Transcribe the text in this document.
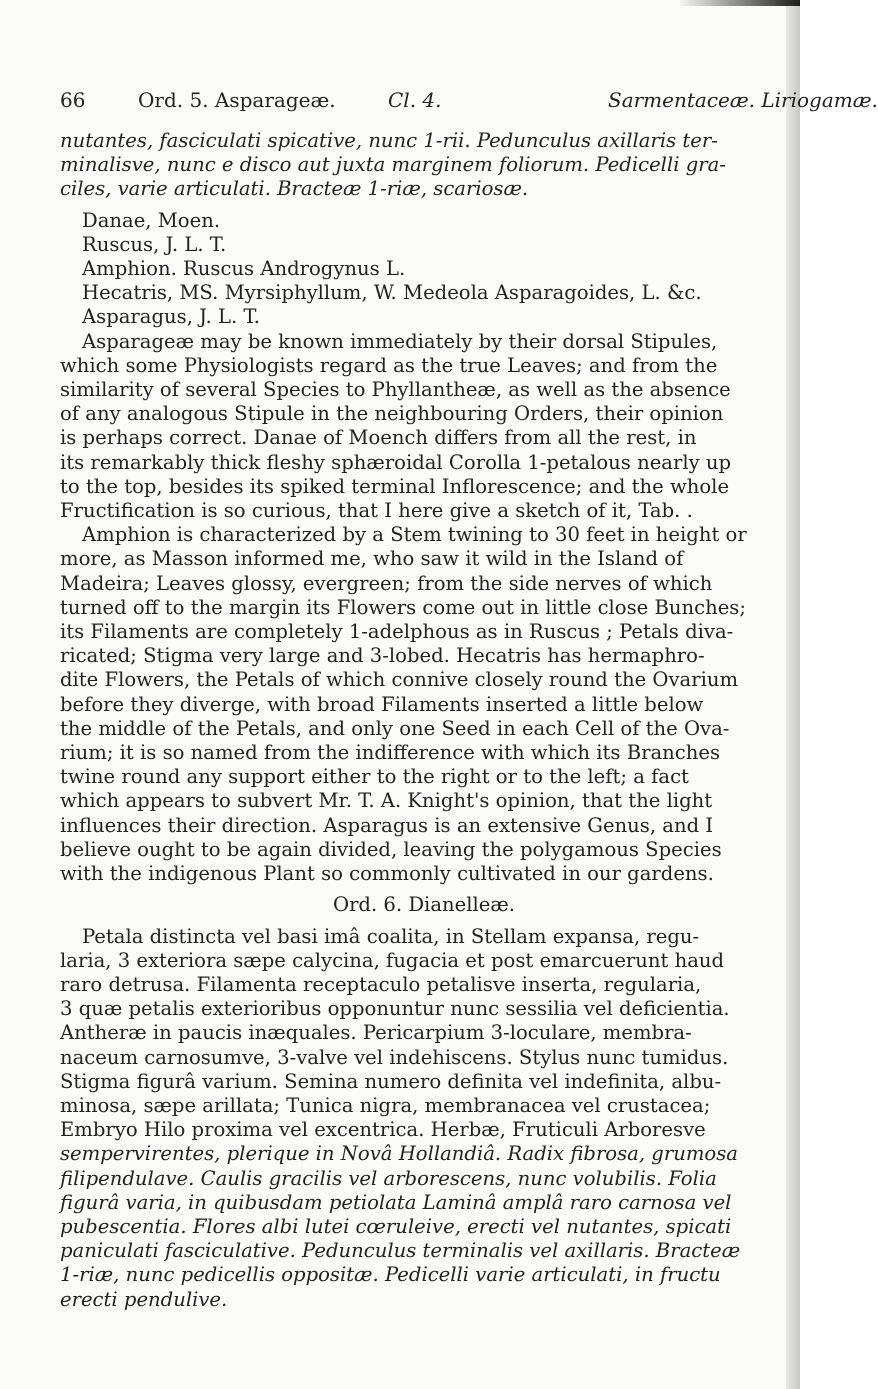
66	Ord. 5. Asparageæ.	Cl. 4.	Sarmentaceæ. Liriogamæ.

nutantes, fasciculati spicative, nunc 1-rii. Pedunculus axillaris ter-

minalisve, nunc e disco aut juxta marginem foliorum. Pedicelli gra-

ciles, varie articulati. Bracteæ 1-riæ, scariosæ.

Danae, Moen.

Ruscus, J. L. T.

Amphion. Ruscus Androgynus L.

Hecatris, MS. Myrsiphyllum, W. Medeola Asparagoides, L. &c.

Asparagus, J. L. T.

Asparageæ may be known immediately by their dorsal Stipules,

which some Physiologists regard as the true Leaves; and from the

similarity of several Species to Phyllantheæ, as well as the absence

of any analogous Stipule in the neighbouring Orders, their opinion

is perhaps correct. Danae of Moench differs from all the rest, in

its remarkably thick fleshy sphæroidal Corolla 1-petalous nearly up

to the top, besides its spiked terminal Inflorescence; and the whole

Fructification is so curious, that I here give a sketch of it, Tab. .

Amphion is characterized by a Stem twining to 30 feet in height or

more, as Masson informed me, who saw it wild in the Island of

Madeira; Leaves glossy, evergreen; from the side nerves of which

turned off to the margin its Flowers come out in little close Bunches;

its Filaments are completely 1-adelphous as in Ruscus ; Petals diva-

ricated; Stigma very large and 3-lobed. Hecatris has hermaphro-

dite Flowers, the Petals of which connive closely round the Ovarium

before they diverge, with broad Filaments inserted a little below

the middle of the Petals, and only one Seed in each Cell of the Ova-

rium; it is so named from the indifference with which its Branches

twine round any support either to the right or to the left; a fact

which appears to subvert Mr. T. A. Knight's opinion, that the light

influences their direction. Asparagus is an extensive Genus, and I

believe ought to be again divided, leaving the polygamous Species

with the indigenous Plant so commonly cultivated in our gardens.

Ord. 6. Dianelleæ.

Petala distincta vel basi imâ coalita, in Stellam expansa, regu-

laria, 3 exteriora sæpe calycina, fugacia et post emarcuerunt haud

raro detrusa. Filamenta receptaculo petalisve inserta, regularia,

3 quæ petalis exterioribus opponuntur nunc sessilia vel deficientia.

Antheræ in paucis inæquales. Pericarpium 3-loculare, membra-

naceum carnosumve, 3-valve vel indehiscens. Stylus nunc tumidus.

Stigma figurâ varium. Semina numero definita vel indefinita, albu-

minosa, sæpe arillata; Tunica nigra, membranacea vel crustacea;

Embryo Hilo proxima vel excentrica. Herbæ, Fruticuli Arboresve

sempervirentes, plerique in Novâ Hollandiâ. Radix fibrosa, grumosa

filipendulave. Caulis gracilis vel arborescens, nunc volubilis. Folia

figurâ varia, in quibusdam petiolata Laminâ amplâ raro carnosa vel

pubescentia. Flores albi lutei cœruleive, erecti vel nutantes, spicati

paniculati fasciculative. Pedunculus terminalis vel axillaris. Bracteæ

1-riæ, nunc pedicellis oppositæ. Pedicelli varie articulati, in fructu

erecti pendulive.
